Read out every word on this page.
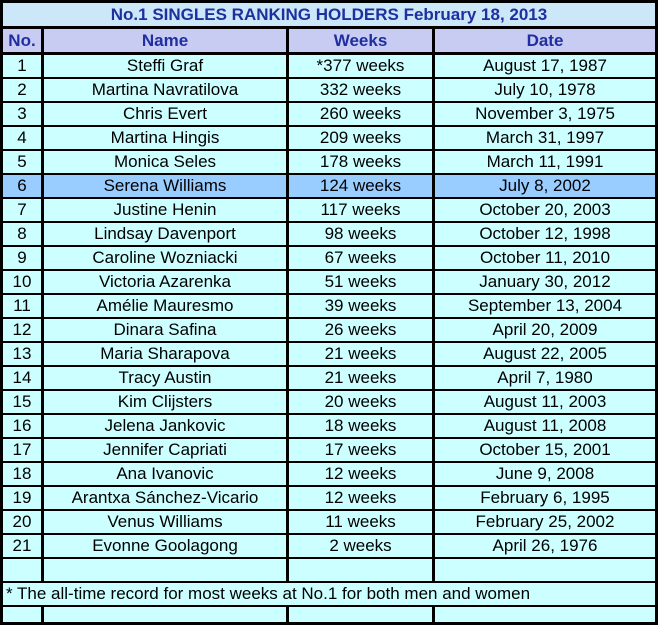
No.1 SINGLES RANKING HOLDERS February 18, 2013
No.	Name	Weeks	Date
1	Steffi Graf	*377 weeks	August 17, 1987
2	Martina Navratilova	332 weeks	July 10, 1978
3	Chris Evert	260 weeks	November 3, 1975
4	Martina Hingis	209 weeks	March 31, 1997
5	Monica Seles	178 weeks	March 11, 1991
6	Serena Williams	124 weeks	July 8, 2002
7	Justine Henin	117 weeks	October 20, 2003
8	Lindsay Davenport	98 weeks	October 12, 1998
9	Caroline Wozniacki	67 weeks	October 11, 2010
10	Victoria Azarenka	51 weeks	January 30, 2012
11	Amélie Mauresmo	39 weeks	September 13, 2004
12	Dinara Safina	26 weeks	April 20, 2009
13	Maria Sharapova	21 weeks	August 22, 2005
14	Tracy Austin	21 weeks	April 7, 1980
15	Kim Clijsters	20 weeks	August 11, 2003
16	Jelena Jankovic	18 weeks	August 11, 2008
17	Jennifer Capriati	17 weeks	October 15, 2001
18	Ana Ivanovic	12 weeks	June 9, 2008
19	Arantxa Sánchez-Vicario	12 weeks	February 6, 1995
20	Venus Williams	11 weeks	February 25, 2002
21	Evonne Goolagong	2 weeks	April 26, 1976
* The all-time record for most weeks at No.1 for both men and women
